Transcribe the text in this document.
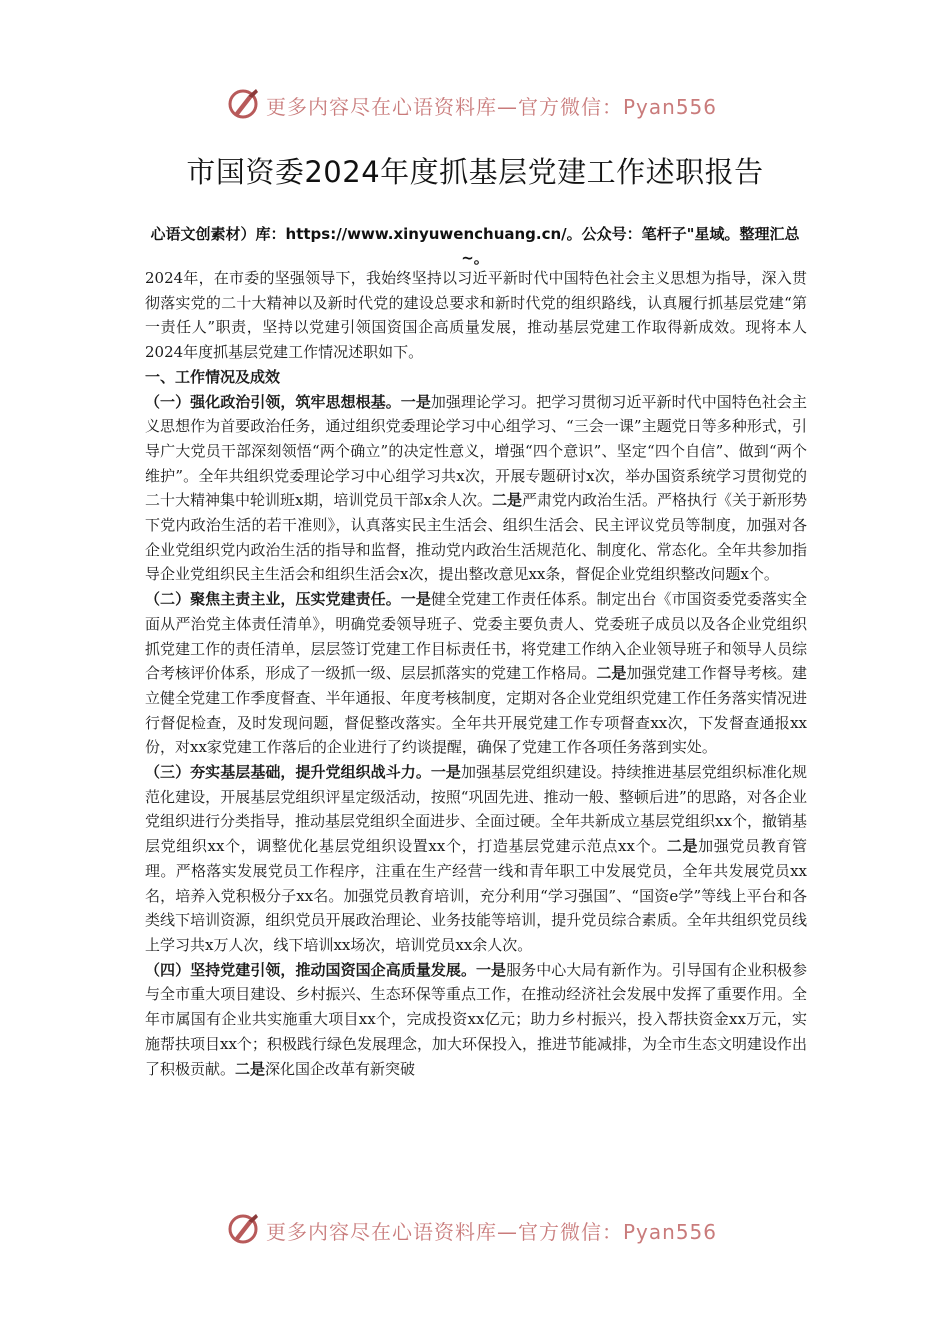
更多内容尽在心语资料库—官方微信：Pyan556
市国资委2024年度抓基层党建工作述职报告
心语文创素材）库：https://www.xinyuwenchuang.cn/。公众号：笔杆子"星域。整理汇总~。

2024年，在市委的坚强领导下，我始终坚持以习近平新时代中国特色社会主义思想为指导，深入贯彻落实党的二十大精神以及新时代党的建设总要求和新时代党的组织路线，认真履行抓基层党建“第一责任人”职责，坚持以党建引领国资国企高质量发展，推动基层党建工作取得新成效。现将本人2024年度抓基层党建工作情况述职如下。

一、工作情况及成效

（一）强化政治引领，筑牢思想根基。一是加强理论学习。把学习贯彻习近平新时代中国特色社会主义思想作为首要政治任务，通过组织党委理论学习中心组学习、“三会一课”主题党日等多种形式，引导广大党员干部深刻领悟“两个确立”的决定性意义，增强“四个意识”、坚定“四个自信”、做到“两个维护”。全年共组织党委理论学习中心组学习共x次，开展专题研讨x次，举办国资系统学习贯彻党的二十大精神集中轮训班x期，培训党员干部x余人次。二是严肃党内政治生活。严格执行《关于新形势下党内政治生活的若干准则》，认真落实民主生活会、组织生活会、民主评议党员等制度，加强对各企业党组织党内政治生活的指导和监督，推动党内政治生活规范化、制度化、常态化。全年共参加指导企业党组织民主生活会和组织生活会x次，提出整改意见xx条，督促企业党组织整改问题x个。

（二）聚焦主责主业，压实党建责任。一是健全党建工作责任体系。制定出台《市国资委党委落实全面从严治党主体责任清单》，明确党委领导班子、党委主要负责人、党委班子成员以及各企业党组织抓党建工作的责任清单，层层签订党建工作目标责任书，将党建工作纳入企业领导班子和领导人员综合考核评价体系，形成了一级抓一级、层层抓落实的党建工作格局。二是加强党建工作督导考核。建立健全党建工作季度督查、半年通报、年度考核制度，定期对各企业党组织党建工作任务落实情况进行督促检查，及时发现问题，督促整改落实。全年共开展党建工作专项督查xx次，下发督查通报xx份，对xx家党建工作落后的企业进行了约谈提醒，确保了党建工作各项任务落到实处。

（三）夯实基层基础，提升党组织战斗力。一是加强基层党组织建设。持续推进基层党组织标准化规范化建设，开展基层党组织评星定级活动，按照“巩固先进、推动一般、整顿后进”的思路，对各企业党组织进行分类指导，推动基层党组织全面进步、全面过硬。全年共新成立基层党组织xx个，撤销基层党组织xx个，调整优化基层党组织设置xx个，打造基层党建示范点xx个。二是加强党员教育管理。严格落实发展党员工作程序，注重在生产经营一线和青年职工中发展党员，全年共发展党员xx名，培养入党积极分子xx名。加强党员教育培训，充分利用“学习强国”、“国资e学”等线上平台和各类线下培训资源，组织党员开展政治理论、业务技能等培训，提升党员综合素质。全年共组织党员线上学习共x万人次，线下培训xx场次，培训党员xx余人次。

（四）坚持党建引领，推动国资国企高质量发展。一是服务中心大局有新作为。引导国有企业积极参与全市重大项目建设、乡村振兴、生态环保等重点工作，在推动经济社会发展中发挥了重要作用。全年市属国有企业共实施重大项目xx个，完成投资xx亿元；助力乡村振兴，投入帮扶资金xx万元，实施帮扶项目xx个；积极践行绿色发展理念，加大环保投入，推进节能减排，为全市生态文明建设作出了积极贡献。二是深化国企改革有新突破

更多内容尽在心语资料库—官方微信：Pyan556
